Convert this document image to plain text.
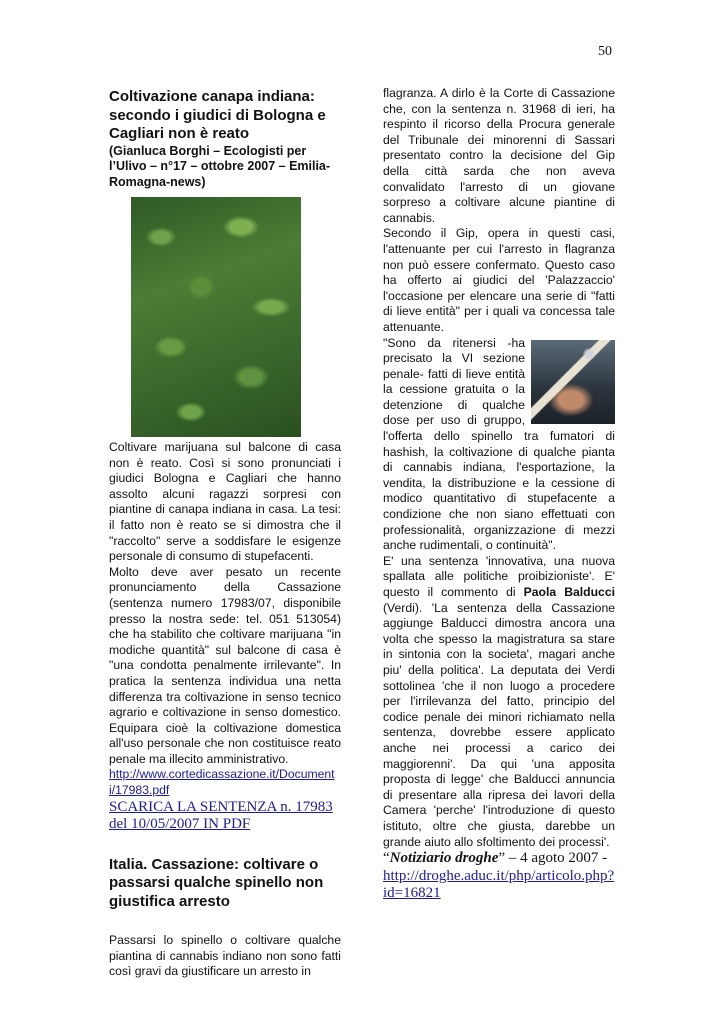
50
Coltivazione canapa indiana: secondo i giudici di Bologna e Cagliari non è reato

(Gianluca Borghi – Ecologisti per l’Ulivo – n°17 – ottobre 2007 – Emilia-Romagna-news)

Coltivare marijuana sul balcone di casa non è reato. Così si sono pronunciati i giudici Bologna e Cagliari che hanno assolto alcuni ragazzi sorpresi con piantine di canapa indiana in casa. La tesi: il fatto non è reato se si dimostra che il "raccolto" serve a soddisfare le esigenze personale di consumo di stupefacenti.

Molto deve aver pesato un recente pronunciamento della Cassazione (sentenza numero 17983/07, disponibile presso la nostra sede: tel. 051 513054) che ha stabilito che coltivare marijuana "in modiche quantità" sul balcone di casa è "una condotta penalmente irrilevante". In pratica la sentenza individua una netta differenza tra coltivazione in senso tecnico agrario e coltivazione in senso domestico. Equipara cioè la coltivazione domestica all'uso personale che non costituisce reato penale ma illecito amministrativo.

http://www.cortedicassazione.it/Document i/17983.pdf
SCARICA LA SENTENZA n. 17983 del 10/05/2007 IN PDF
Italia. Cassazione: coltivare o passarsi qualche spinello non giustifica arresto

Passarsi lo spinello o coltivare qualche piantina di cannabis indiano non sono fatti così gravi da giustificare un arresto in

flagranza. A dirlo è la Corte di Cassazione che, con la sentenza n. 31968 di ieri, ha respinto il ricorso della Procura generale del Tribunale dei minorenni di Sassari presentato contro la decisione del Gip della città sarda che non aveva convalidato l'arresto di un giovane sorpreso a coltivare alcune piantine di cannabis.

Secondo il Gip, opera in questi casi, l'attenuante per cui l'arresto in flagranza non può essere confermato. Questo caso ha offerto ai giudici del 'Palazzaccio' l'occasione per elencare una serie di "fatti di lieve entità" per i quali va concessa tale attenuante.

"Sono da ritenersi -ha precisato la VI sezione penale- fatti di lieve entità la cessione gratuita o la detenzione di qualche dose per uso di gruppo, l'offerta dello spinello tra fumatori di hashish, la coltivazione di qualche pianta di cannabis indiana, l'esportazione, la vendita, la distribuzione e la cessione di modico quantitativo di stupefacente a condizione che non siano effettuati con professionalità, organizzazione di mezzi anche rudimentali, o continuità".

E' una sentenza 'innovativa, una nuova spallata alle politiche proibizioniste'. E' questo il commento di Paola Balducci (Verdi). 'La sentenza della Cassazione aggiunge Balducci dimostra ancora una volta che spesso la magistratura sa stare in sintonia con la societa', magari anche piu' della politica'. La deputata dei Verdi sottolinea 'che il non luogo a procedere per l'irrilevanza del fatto, principio del codice penale dei minori richiamato nella sentenza, dovrebbe essere applicato anche nei processi a carico dei maggiorenni'. Da qui 'una apposita proposta di legge' che Balducci annuncia di presentare alla ripresa dei lavori della Camera 'perche' l'introduzione di questo istituto, oltre che giusta, darebbe un grande aiuto allo sfoltimento dei processi'.

“Notiziario droghe” – 4 agoto 2007 -
http://droghe.aduc.it/php/articolo.php?id=16821
